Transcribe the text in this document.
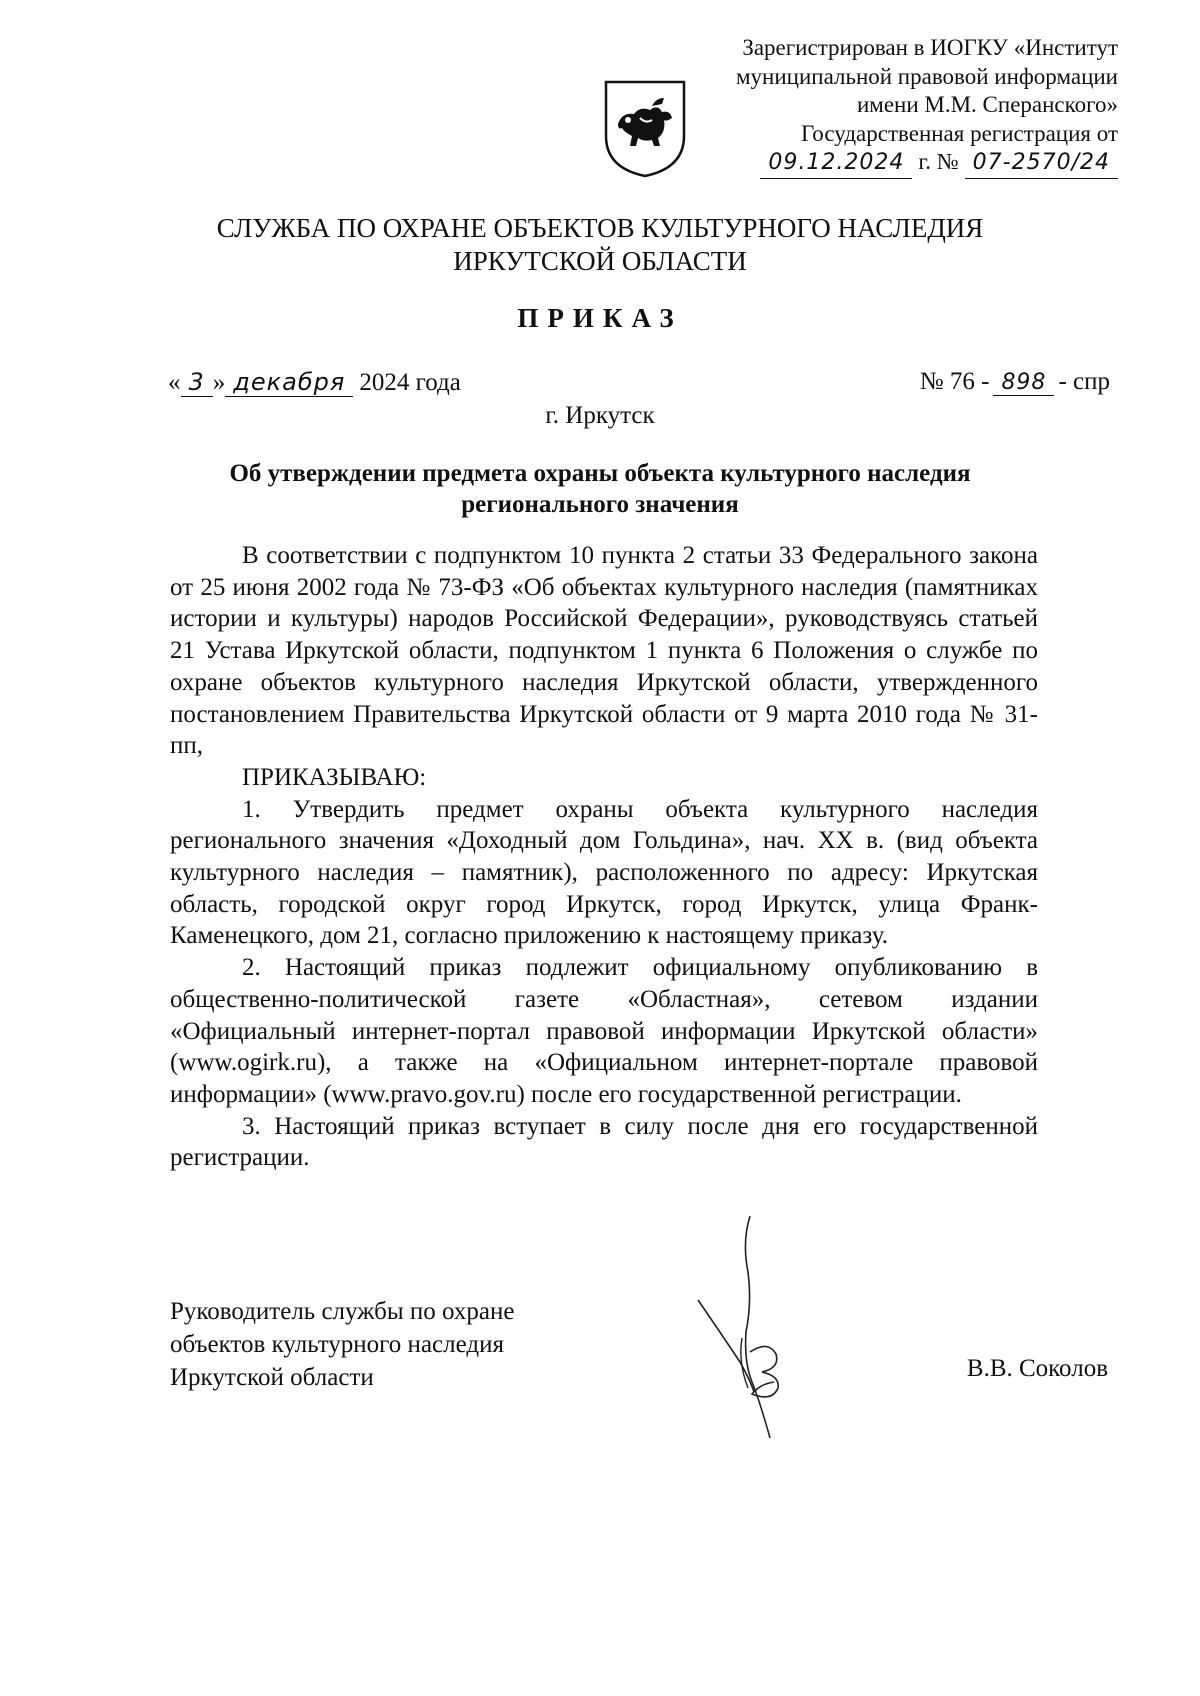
Зарегистрирован в ИОГКУ «Институт
муниципальной правовой информации
имени М.М. Сперанского»
Государственная регистрация от
09.12.2024 г. № 07-2570/24
СЛУЖБА ПО ОХРАНЕ ОБЪЕКТОВ КУЛЬТУРНОГО НАСЛЕДИЯ
ИРКУТСКОЙ ОБЛАСТИ
ПРИКАЗ
« 3 » декабря 2024 года	№ 76 - 898 - спр
г. Иркутск
Об утверждении предмета охраны объекта культурного наследия
регионального значения

В соответствии с подпунктом 10 пункта 2 статьи 33 Федерального закона от 25 июня 2002 года № 73-ФЗ «Об объектах культурного наследия (памятниках истории и культуры) народов Российской Федерации», руководствуясь статьей 21 Устава Иркутской области, подпунктом 1 пункта 6 Положения о службе по охране объектов культурного наследия Иркутской области, утвержденного постановлением Правительства Иркутской области от 9 марта 2010 года № 31-пп,

ПРИКАЗЫВАЮ:

1. Утвердить предмет охраны объекта культурного наследия регионального значения «Доходный дом Гольдина», нач. XX в. (вид объекта культурного наследия – памятник), расположенного по адресу: Иркутская область, городской округ город Иркутск, город Иркутск, улица Франк-Каменецкого, дом 21, согласно приложению к настоящему приказу.

2. Настоящий приказ подлежит официальному опубликованию в общественно-политической газете «Областная», сетевом издании «Официальный интернет-портал правовой информации Иркутской области» (www.ogirk.ru), а также на «Официальном интернет-портале правовой информации» (www.pravo.gov.ru) после его государственной регистрации.

3. Настоящий приказ вступает в силу после дня его государственной регистрации.

Руководитель службы по охране
объектов культурного наследия
Иркутской области	В.В. Соколов
